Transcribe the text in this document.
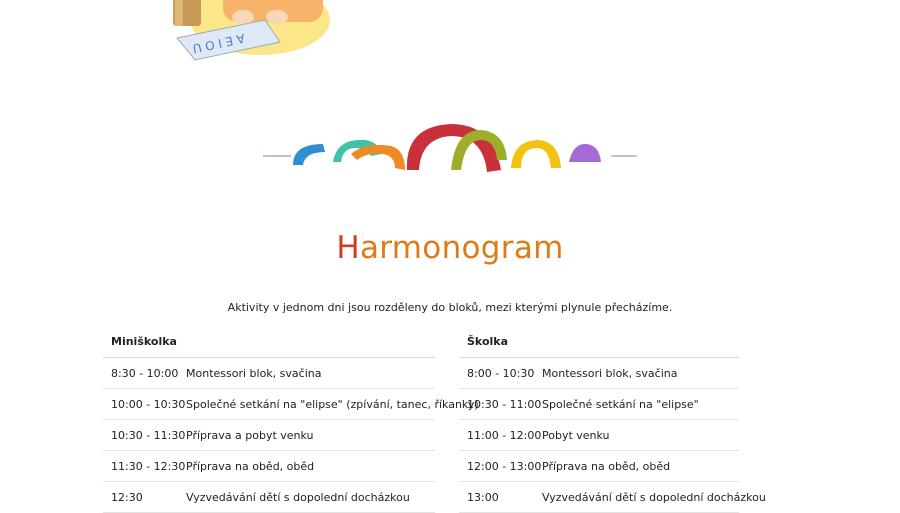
A E I O U
Harmonogram
Aktivity v jednom dni jsou rozděleny do bloků, mezi kterými plynule přecházíme.
Miniškolka
8:30 - 10:00 Montessori blok, svačina
10:00 - 10:30 Společné setkání na "elipse" (zpívání, tanec, říkanky)
10:30 - 11:30 Příprava a pobyt venku
11:30 - 12:30 Příprava na oběd, oběd
12:30	Vyzvedávání dětí s dopolední docházkou
Školka
8:00 - 10:30 Montessori blok, svačina
10:30 - 11:00 Společné setkání na "elipse"
11:00 - 12:00 Pobyt venku
12:00 - 13:00 Příprava na oběd, oběd
13:00	Vyzvedávání dětí s dopolední docházkou
